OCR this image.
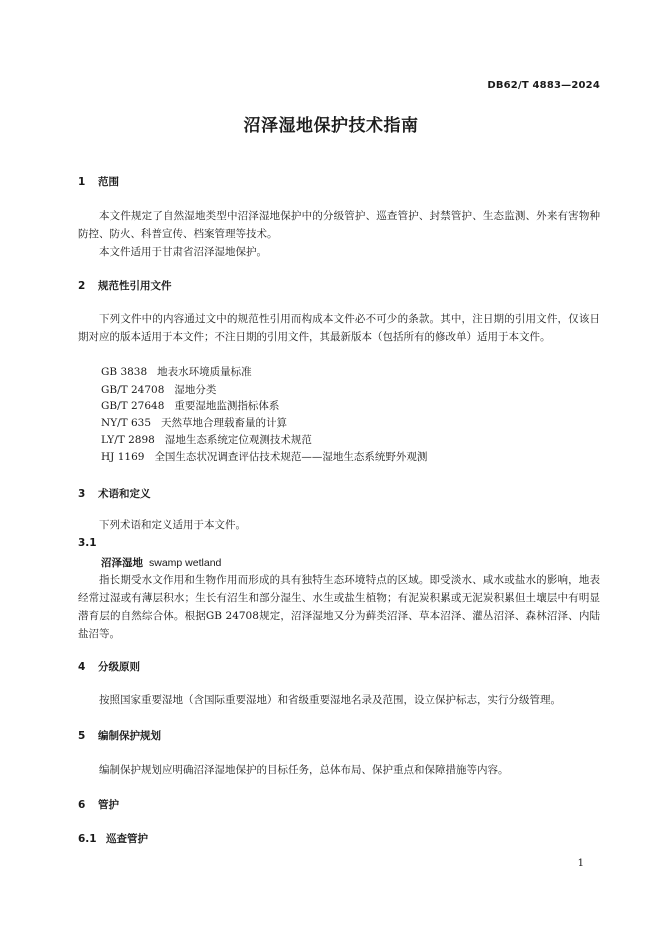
DB62/T 4883—2024
沼泽湿地保护技术指南
1 范围
本文件规定了自然湿地类型中沼泽湿地保护中的分级管护、巡查管护、封禁管护、生态监测、外来有害物种防控、防火、科普宣传、档案管理等技术。
本文件适用于甘肃省沼泽湿地保护。
2 规范性引用文件
下列文件中的内容通过文中的规范性引用而构成本文件必不可少的条款。其中，注日期的引用文件，仅该日期对应的版本适用于本文件；不注日期的引用文件，其最新版本（包括所有的修改单）适用于本文件。
GB 3838 地表水环境质量标准
GB/T 24708 湿地分类
GB/T 27648 重要湿地监测指标体系
NY/T 635 天然草地合理载畜量的计算
LY/T 2898 湿地生态系统定位观测技术规范
HJ 1169 全国生态状况调查评估技术规范——湿地生态系统野外观测
3 术语和定义
下列术语和定义适用于本文件。
3.1
沼泽湿地 swamp wetland
指长期受水文作用和生物作用而形成的具有独特生态环境特点的区域。即受淡水、咸水或盐水的影响，地表经常过湿或有薄层积水；生长有沼生和部分湿生、水生或盐生植物；有泥炭积累或无泥炭积累但土壤层中有明显潜育层的自然综合体。根据GB 24708规定，沼泽湿地又分为藓类沼泽、草本沼泽、灌丛沼泽、森林沼泽、内陆盐沼等。
4 分级原则
按照国家重要湿地（含国际重要湿地）和省级重要湿地名录及范围，设立保护标志，实行分级管理。
5 编制保护规划
编制保护规划应明确沼泽湿地保护的目标任务，总体布局、保护重点和保障措施等内容。
6 管护
6.1 巡查管护
1
